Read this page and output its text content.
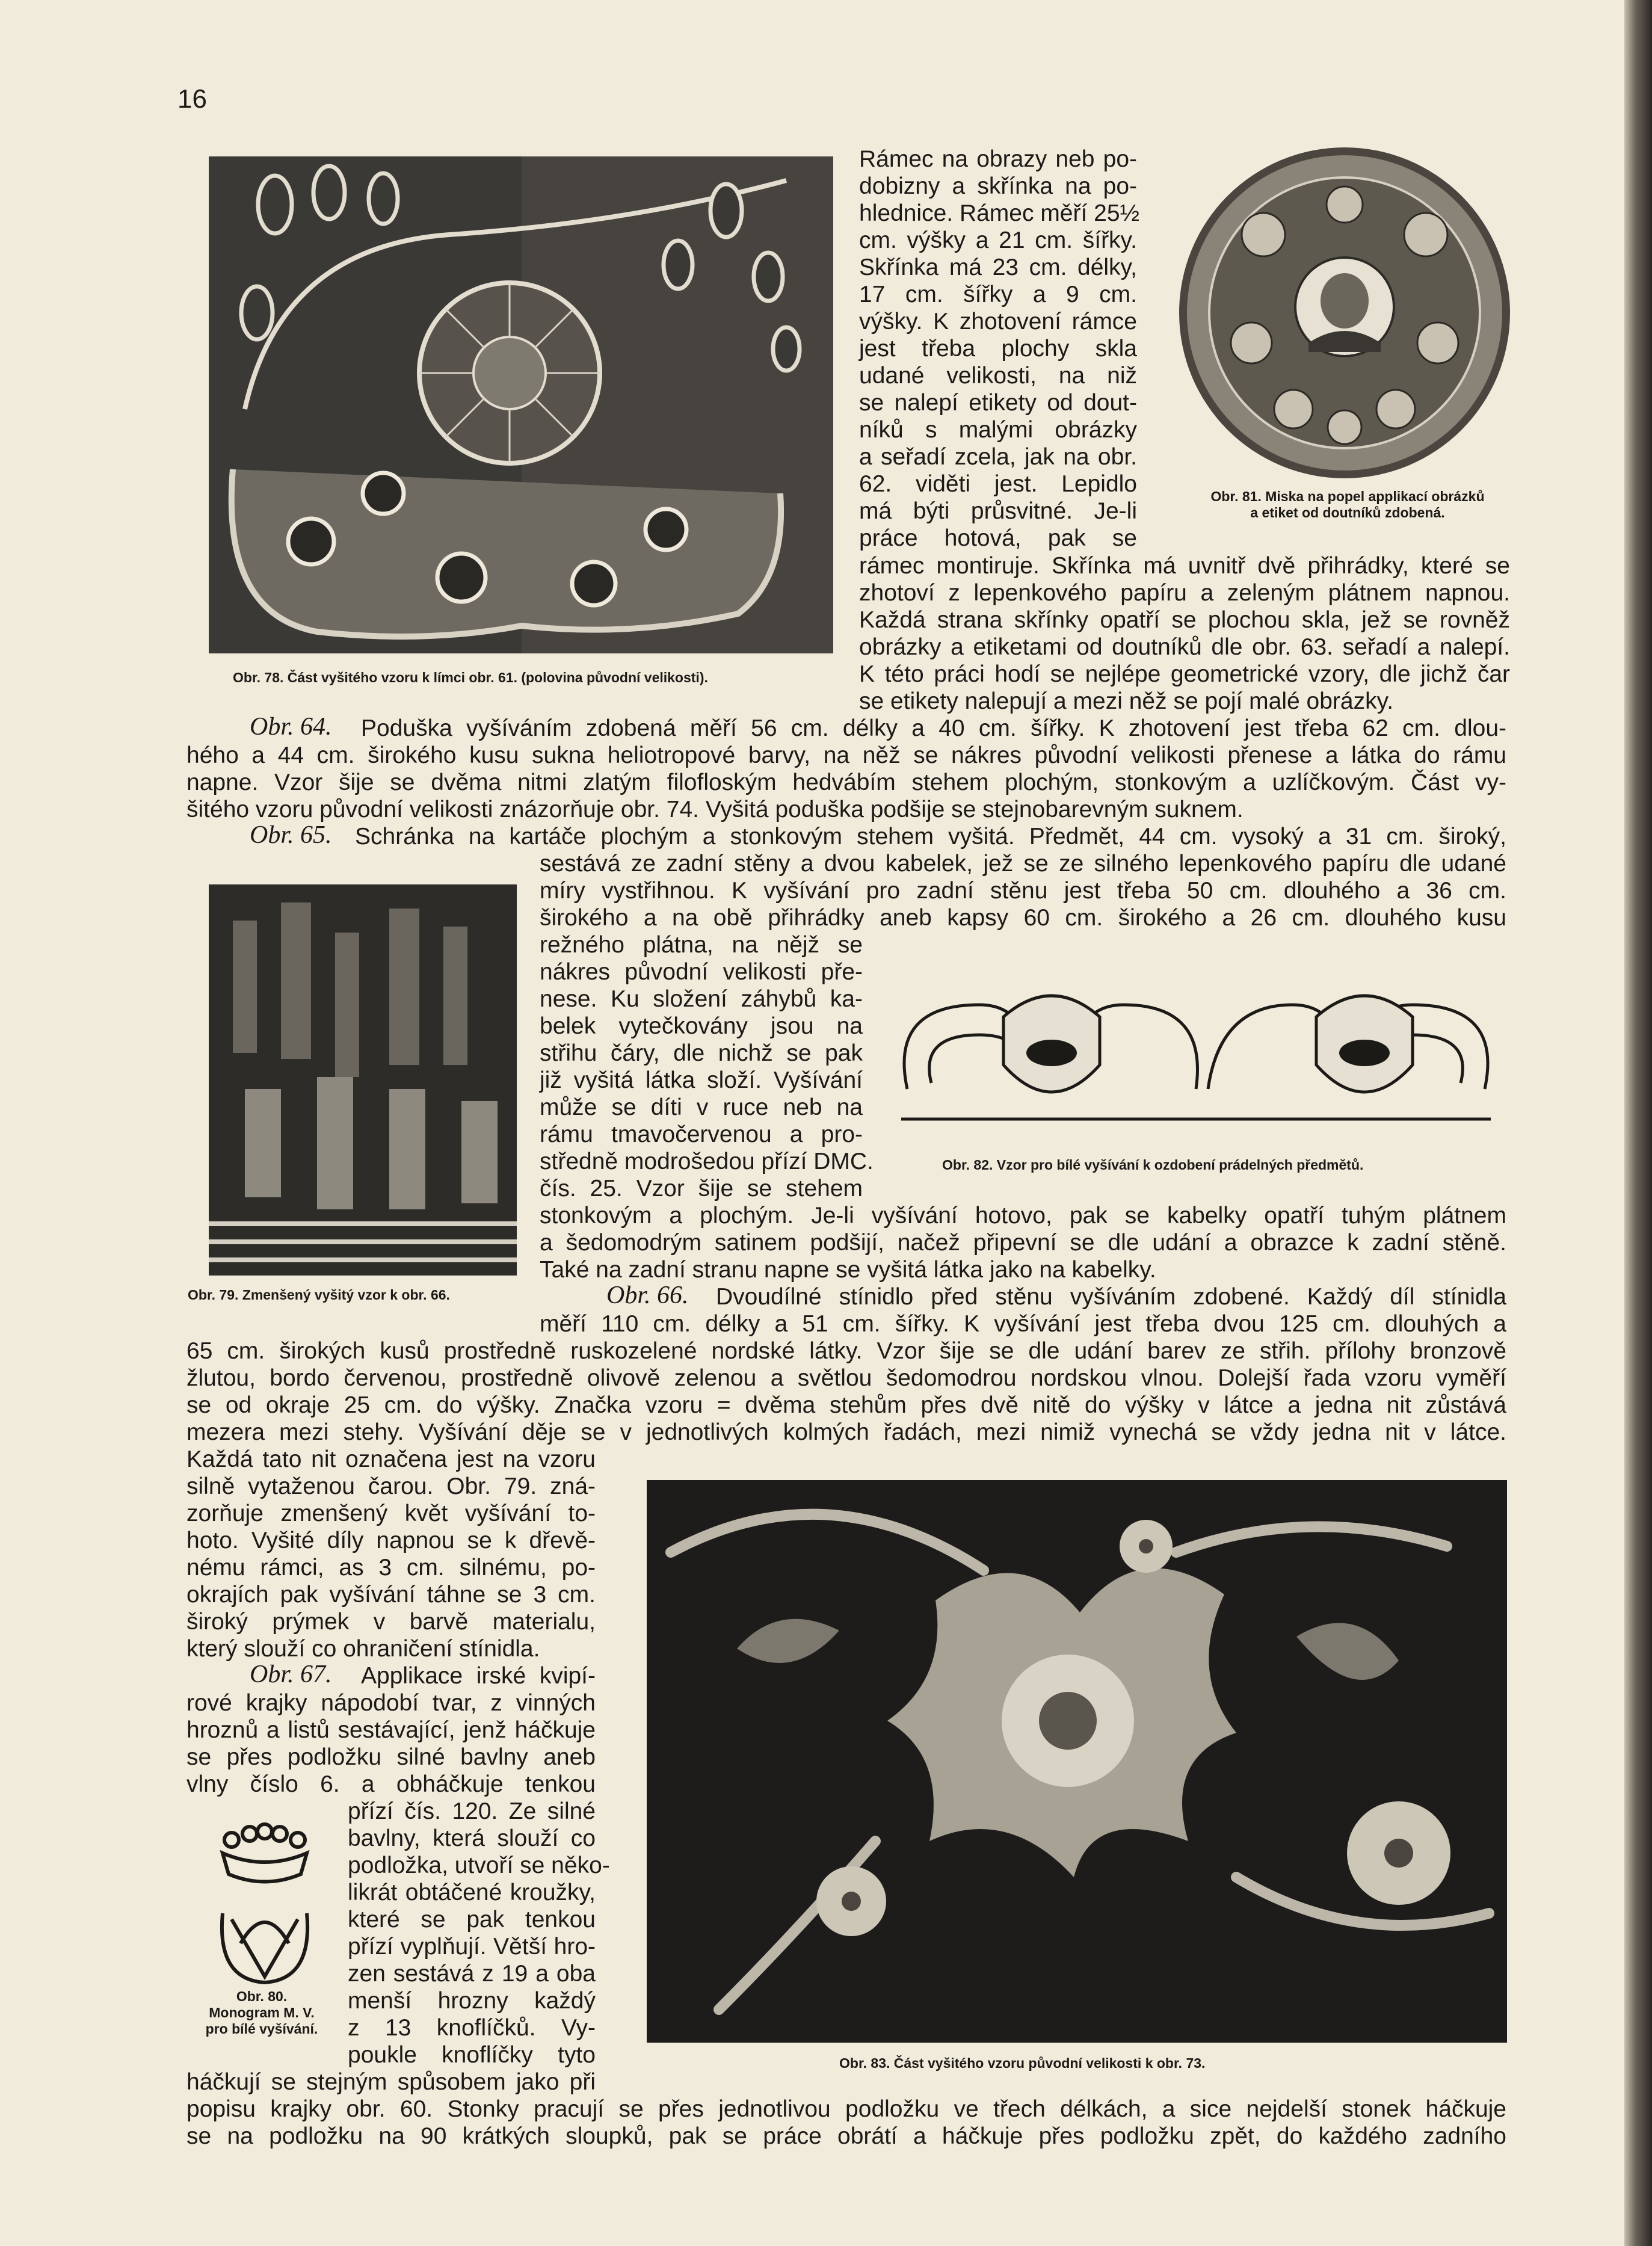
16
Obr. 78. Část vyšitého vzoru k límci obr. 61. (polovina původní velikosti).
Obr. 81. Miska na popel applikací obrázků
a etiket od doutníků zdobená.

Rámec na obrazy neb po-

dobizny a skřínka na po-

hlednice. Rámec měří 25½

cm. výšky a 21 cm. šířky.

Skřínka má 23 cm. délky,

17 cm. šířky a 9 cm.

výšky. K zhotovení rámce

jest třeba plochy skla

udané velikosti, na niž

se nalepí etikety od dout-

níků s malými obrázky

a seřadí zcela, jak na obr.

62. viděti jest. Lepidlo

má býti průsvitné. Je-li

práce hotová, pak se

rámec montiruje. Skřínka má uvnitř dvě přihrádky, které se

zhotoví z lepenkového papíru a zeleným plátnem napnou.

Každá strana skřínky opatří se plochou skla, jež se rovněž

obrázky a etiketami od doutníků dle obr. 63. seřadí a nalepí.

K této práci hodí se nejlépe geometrické vzory, dle jichž čar

se etikety nalepují a mezi něž se pojí malé obrázky.

Obr. 64. Poduška vyšíváním zdobená měří 56 cm. délky a 40 cm. šířky. K zhotovení jest třeba 62 cm. dlou-

hého a 44 cm. širokého kusu sukna heliotropové barvy, na něž se nákres původní velikosti přenese a látka do rámu

napne. Vzor šije se dvěma nitmi zlatým filofloským hedvábím stehem plochým, stonkovým a uzlíčkovým. Část vy-

šitého vzoru původní velikosti znázorňuje obr. 74. Vyšitá poduška podšije se stejnobarevným suknem.

Obr. 65. Schránka na kartáče plochým a stonkovým stehem vyšitá. Předmět, 44 cm. vysoký a 31 cm. široký,

sestává ze zadní stěny a dvou kabelek, jež se ze silného lepenkového papíru dle udané

míry vystřihnou. K vyšívání pro zadní stěnu jest třeba 50 cm. dlouhého a 36 cm.

širokého a na obě přihrádky aneb kapsy 60 cm. širokého a 26 cm. dlouhého kusu

Obr. 82. Vzor pro bílé vyšívání k ozdobení prádelných předmětů.

režného plátna, na nějž se

nákres původní velikosti pře-

nese. Ku složení záhybů ka-

belek vytečkovány jsou na

střihu čáry, dle nichž se pak

již vyšitá látka složí. Vyšívání

může se díti v ruce neb na

rámu tmavočervenou a pro-

středně modrošedou přízí DMC.

čís. 25. Vzor šije se stehem

stonkovým a plochým. Je-li vyšívání hotovo, pak se kabelky opatří tuhým plátnem

a šedomodrým satinem podšijí, načež připevní se dle udání a obrazce k zadní stěně.

Také na zadní stranu napne se vyšitá látka jako na kabelky.

Obr. 79. Zmenšený vyšitý vzor k obr. 66.	Obr. 66. Dvoudílné stínidlo před stěnu vyšíváním zdobené. Každý díl stínidla

měří 110 cm. délky a 51 cm. šířky. K vyšívání jest třeba dvou 125 cm. dlouhých a

65 cm. širokých kusů prostředně ruskozelené nordské látky. Vzor šije se dle udání barev ze střih. přílohy bronzově

žlutou, bordo červenou, prostředně olivově zelenou a světlou šedomodrou nordskou vlnou. Dolejší řada vzoru vyměří

se od okraje 25 cm. do výšky. Značka vzoru = dvěma stehům přes dvě nitě do výšky v látce a jedna nit zůstává

mezera mezi stehy. Vyšívání děje se v jednotlivých kolmých řadách, mezi nimiž vynechá se vždy jedna nit v látce.

Každá tato nit označena jest na vzoru

silně vytaženou čarou. Obr. 79. zná-

zorňuje zmenšený květ vyšívání to-

hoto. Vyšité díly napnou se k dřevě-

nému rámci, as 3 cm. silnému, po-

okrajích pak vyšívání táhne se 3 cm.

široký prýmek v barvě materialu,

který slouží co ohraničení stínidla.

Obr. 67. Applikace irské kvipí-

rové krajky nápodobí tvar, z vinných

hroznů a listů sestávající, jenž háčkuje

se přes podložku silné bavlny aneb

vlny číslo 6. a obháčkuje tenkou

přízí čís. 120. Ze silné

bavlny, která slouží co

podložka, utvoří se něko-

likrát obtáčené kroužky,

které se pak tenkou

přízí vyplňují. Větší hro-

zen sestává z 19 a oba

menší hrozny každý

z 13 knoflíčků. Vy-

poukle knoflíčky tyto

Obr. 80.
Monogram M. V.
pro bílé vyšívání.
Obr. 83. Část vyšitého vzoru původní velikosti k obr. 73.

háčkují se stejným spůsobem jako při

popisu krajky obr. 60. Stonky pracují se přes jednotlivou podložku ve třech délkách, a sice nejdelší stonek háčkuje

se na podložku na 90 krátkých sloupků, pak se práce obrátí a háčkuje přes podložku zpět, do každého zadního
